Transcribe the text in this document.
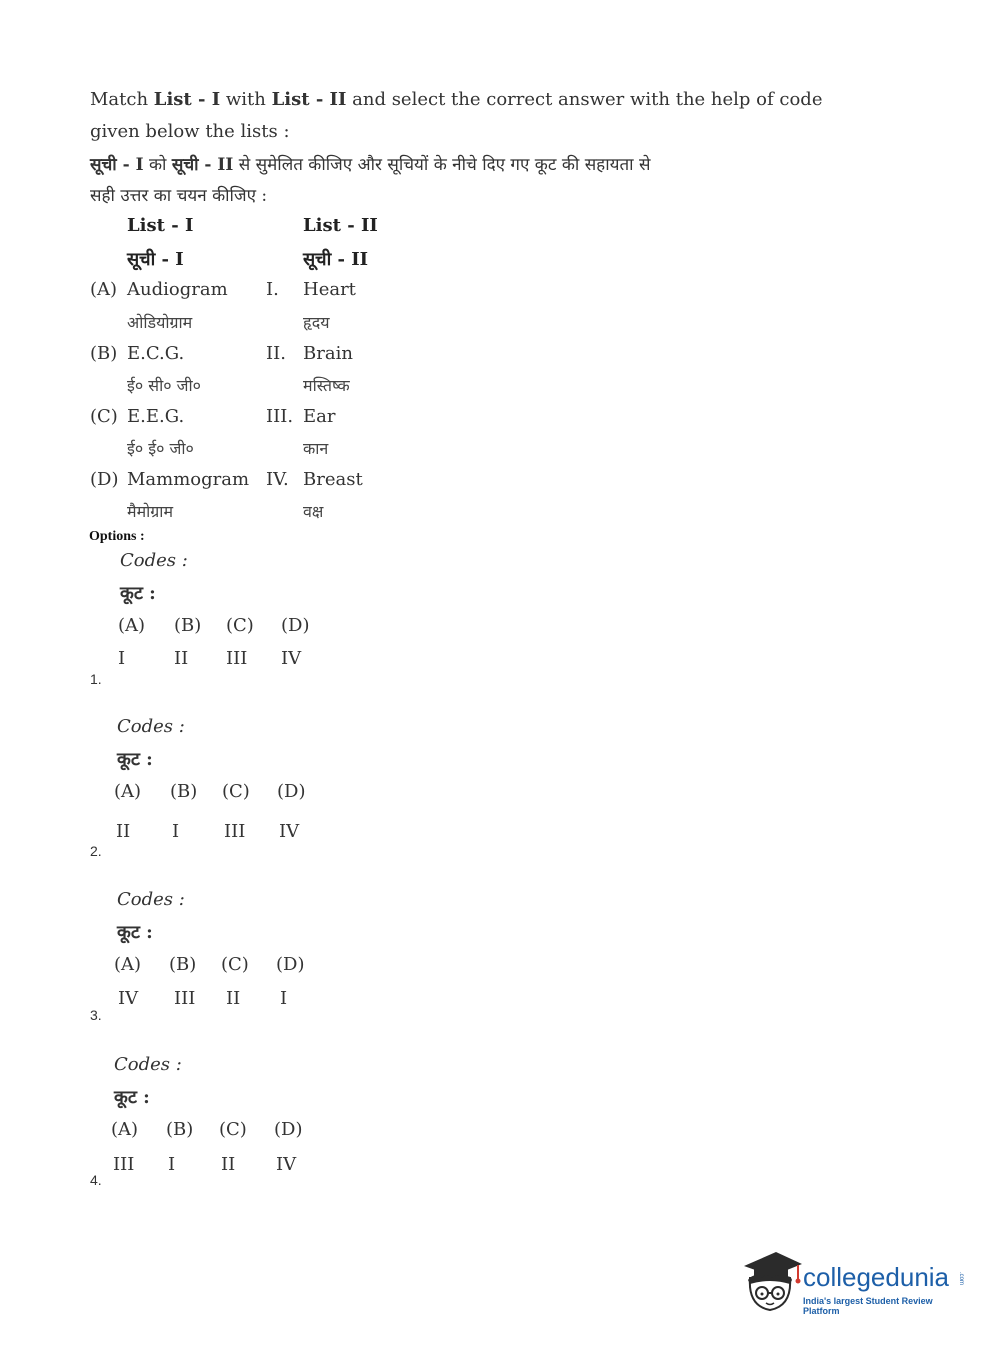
Match List - I with List - II and select the correct answer with the help of code
given below the lists :
सूची - I को सूची - II से सुमेलित कीजिए और सूचियों के नीचे दिए गए कूट की सहायता से
सही उत्तर का चयन कीजिए :
List - I	List - II
सूची - I	सूची - II
(A) Audiogram I. Heart
ओडियोग्राम	हृदय
(B) E.C.G.	II. Brain
ई० सी० जी०	मस्तिष्क
(C) E.E.G.	III. Ear
ई० ई० जी०	कान
(D) Mammogram IV. Breast
मैमोग्राम	वक्ष
Options :
Codes :
कूट :
(A) (B) (C) (D)
I	II III IV
1.
Codes :
कूट :
(A) (B) (C) (D)
II I III IV
2.
Codes :
कूट :
(A) (B) (C) (D)
IV III II I
3.
Codes :
कूट :
(A) (B) (C) (D)
III I	II IV
4.
collegedunia .com
India's largest Student Review Platform
